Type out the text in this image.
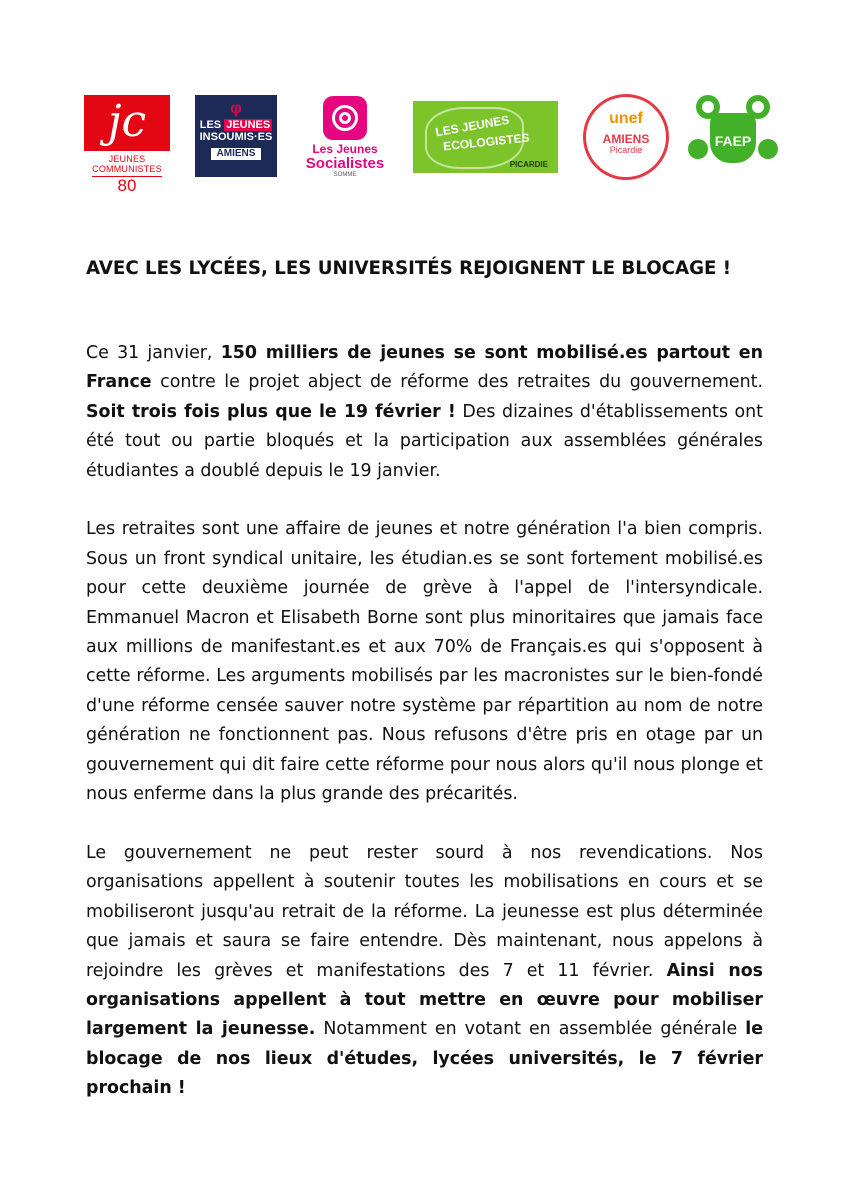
jc
JEUNES COMMUNISTES
80
φ
LES JEUNES
INSOUMIS·ES
AMIENS	Les Jeunes
Socialistes
SOMME
LES JEUNES
ECOLOGISTES
PICARDIE
unef
AMIENS
Picardie
FAEP
AVEC LES LYCÉES, LES UNIVERSITÉS REJOIGNENT LE BLOCAGE !

Ce 31 janvier, 150 milliers de jeunes se sont mobilisé.es partout en France contre le projet abject de réforme des retraites du gouvernement. Soit trois fois plus que le 19 février ! Des dizaines d'établissements ont été tout ou partie bloqués et la participation aux assemblées générales étudiantes a doublé depuis le 19 janvier.

Les retraites sont une affaire de jeunes et notre génération l'a bien compris. Sous un front syndical unitaire, les étudian.es se sont fortement mobilisé.es pour cette deuxième journée de grève à l'appel de l'intersyndicale. Emmanuel Macron et Elisabeth Borne sont plus minoritaires que jamais face aux millions de manifestant.es et aux 70% de Français.es qui s'opposent à cette réforme. Les arguments mobilisés par les macronistes sur le bien-fondé d'une réforme censée sauver notre système par répartition au nom de notre génération ne fonctionnent pas. Nous refusons d'être pris en otage par un gouvernement qui dit faire cette réforme pour nous alors qu'il nous plonge et nous enferme dans la plus grande des précarités.

Le gouvernement ne peut rester sourd à nos revendications. Nos organisations appellent à soutenir toutes les mobilisations en cours et se mobiliseront jusqu'au retrait de la réforme. La jeunesse est plus déterminée que jamais et saura se faire entendre. Dès maintenant, nous appelons à rejoindre les grèves et manifestations des 7 et 11 février. Ainsi nos organisations appellent à tout mettre en œuvre pour mobiliser largement la jeunesse. Notamment en votant en assemblée générale le blocage de nos lieux d'études, lycées universités, le 7 février prochain !
